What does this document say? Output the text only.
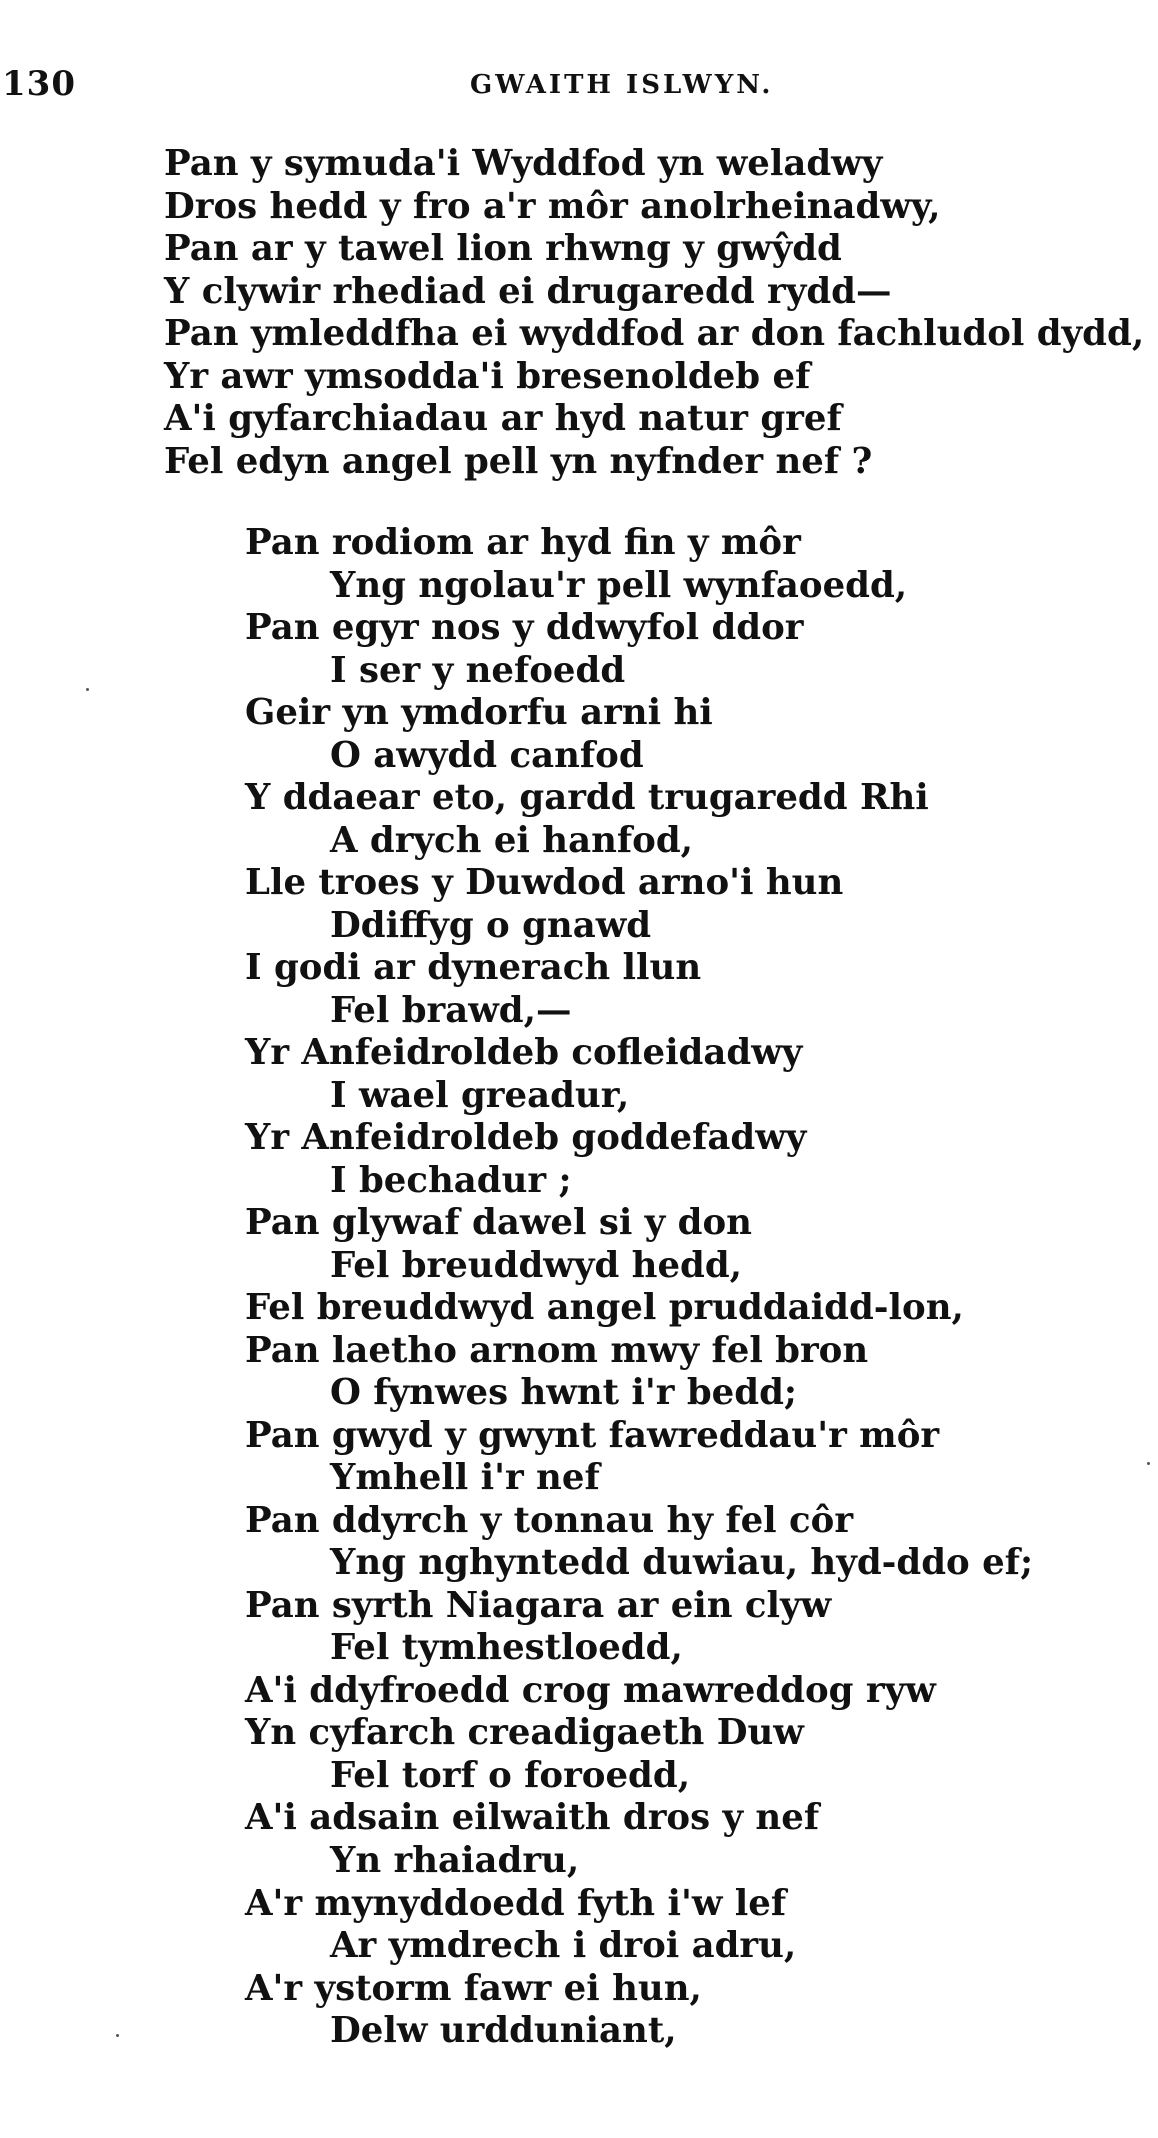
130	GWAITH ISLWYN.
Pan y symuda'i Wyddfod yn weladwy
Dros hedd y fro a'r môr anolrheinadwy,
Pan ar y tawel lion rhwng y gwŷdd
Y clywir rhediad ei drugaredd rydd—
Pan ymleddfha ei wyddfod ar don fachludol dydd,
Yr awr ymsodda'i bresenoldeb ef
A'i gyfarchiadau ar hyd natur gref
Fel edyn angel pell yn nyfnder nef ?
Pan rodiom ar hyd fin y môr
Yng ngolau'r pell wynfaoedd,
Pan egyr nos y ddwyfol ddor
I ser y nefoedd
Geir yn ymdorfu arni hi
O awydd canfod
Y ddaear eto, gardd trugaredd Rhi
A drych ei hanfod,
Lle troes y Duwdod arno'i hun
Ddiffyg o gnawd
I godi ar dynerach llun
Fel brawd,—
Yr Anfeidroldeb cofleidadwy
I wael greadur,
Yr Anfeidroldeb goddefadwy
I bechadur ;
Pan glywaf dawel si y don
Fel breuddwyd hedd,
Fel breuddwyd angel pruddaidd-lon,
Pan laetho arnom mwy fel bron
O fynwes hwnt i'r bedd;
Pan gwyd y gwynt fawreddau'r môr
Ymhell i'r nef
Pan ddyrch y tonnau hy fel côr
Yng nghyntedd duwiau, hyd-ddo ef;
Pan syrth Niagara ar ein clyw
Fel tymhestloedd,
A'i ddyfroedd crog mawreddog ryw
Yn cyfarch creadigaeth Duw
Fel torf o foroedd,
A'i adsain eilwaith dros y nef
Yn rhaiadru,
A'r mynyddoedd fyth i'w lef
Ar ymdrech i droi adru,
A'r ystorm fawr ei hun,
Delw urdduniant,
